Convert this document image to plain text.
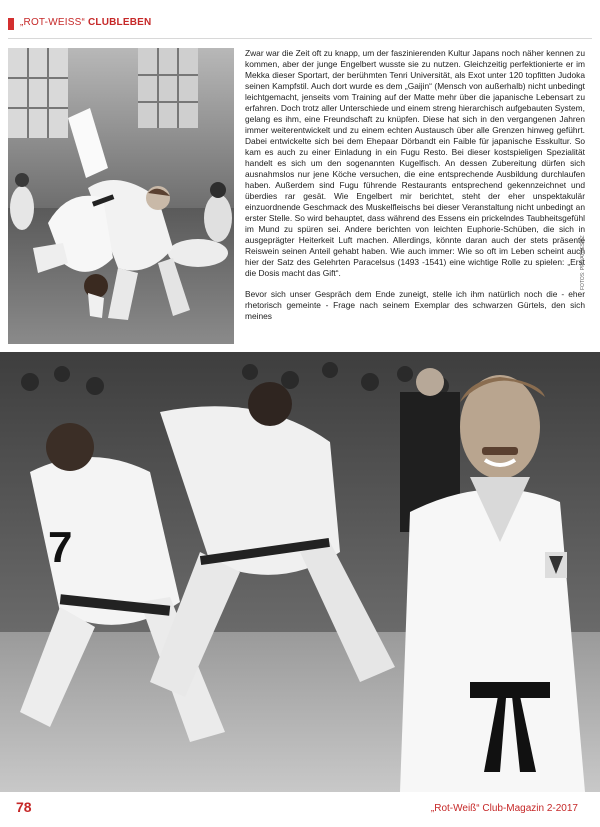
„ROT-WEISS“ CLUBLEBEN

Zwar war die Zeit oft zu knapp, um der faszinierenden Kultur Japans noch näher kennen zu kommen, aber der junge Engelbert wusste sie zu nutzen. Gleichzeitig perfektionierte er im Mekka dieser Sportart, der berühmten Tenri Universität, als Exot unter 120 topfitten Judoka seinen Kampfstil. Auch dort wurde es dem „Gaijin“ (Mensch von außerhalb) nicht unbedingt leichtgemacht, jenseits vom Training auf der Matte mehr über die japanische Lebensart zu erfahren. Doch trotz aller Unterschiede und einem streng hierarchisch aufgebauten System, gelang es ihm, eine Freundschaft zu knüpfen. Diese hat sich in den vergangenen Jahren immer weiterentwickelt und zu einem echten Austausch über alle Grenzen hinweg geführt. Dabei entwickelte sich bei dem Ehepaar Dörbandt ein Faible für japanische Esskultur. So kam es auch zu einer Einladung in ein Fugu Resto. Bei dieser kostspieligen Spezialität handelt es sich um den sogenannten Kugelfisch. An dessen Zubereitung dürfen sich ausnahmslos nur jene Köche versuchen, die eine entsprechende Ausbildung durchlaufen haben. Außerdem sind Fugu führende Restaurants entsprechend gekennzeichnet und überdies rar gesät. Wie Engelbert mir berichtet, steht der eher unspektakulär einzuordnende Geschmack des Muskelfleischs bei dieser Veranstaltung nicht unbedingt an erster Stelle. So wird behauptet, dass während des Essens ein prickelndes Taubheitsgefühl im Mund zu spüren sei. Andere berichten von leichten Euphorie-Schüben, die sich in ausgeprägter Heiterkeit Luft machen. Allerdings, könnte daran auch der stets präsente Reiswein seinen Anteil gehabt haben. Wie auch immer: Wie so oft im Leben scheint auch hier der Satz des Gelehrten Paracelsus (1493 -1541) eine wichtige Rolle zu spielen: „Erst die Dosis macht das Gift“.

Bevor sich unser Gespräch dem Ende zuneigt, stelle ich ihm natürlich noch die - eher rhetorisch gemeinte - Frage nach seinem Exemplar des schwarzen Gürtels, den sich meines

FOTOS: PRIVATBESITZ
7
78	„Rot-Weiß“ Club-Magazin 2-2017
